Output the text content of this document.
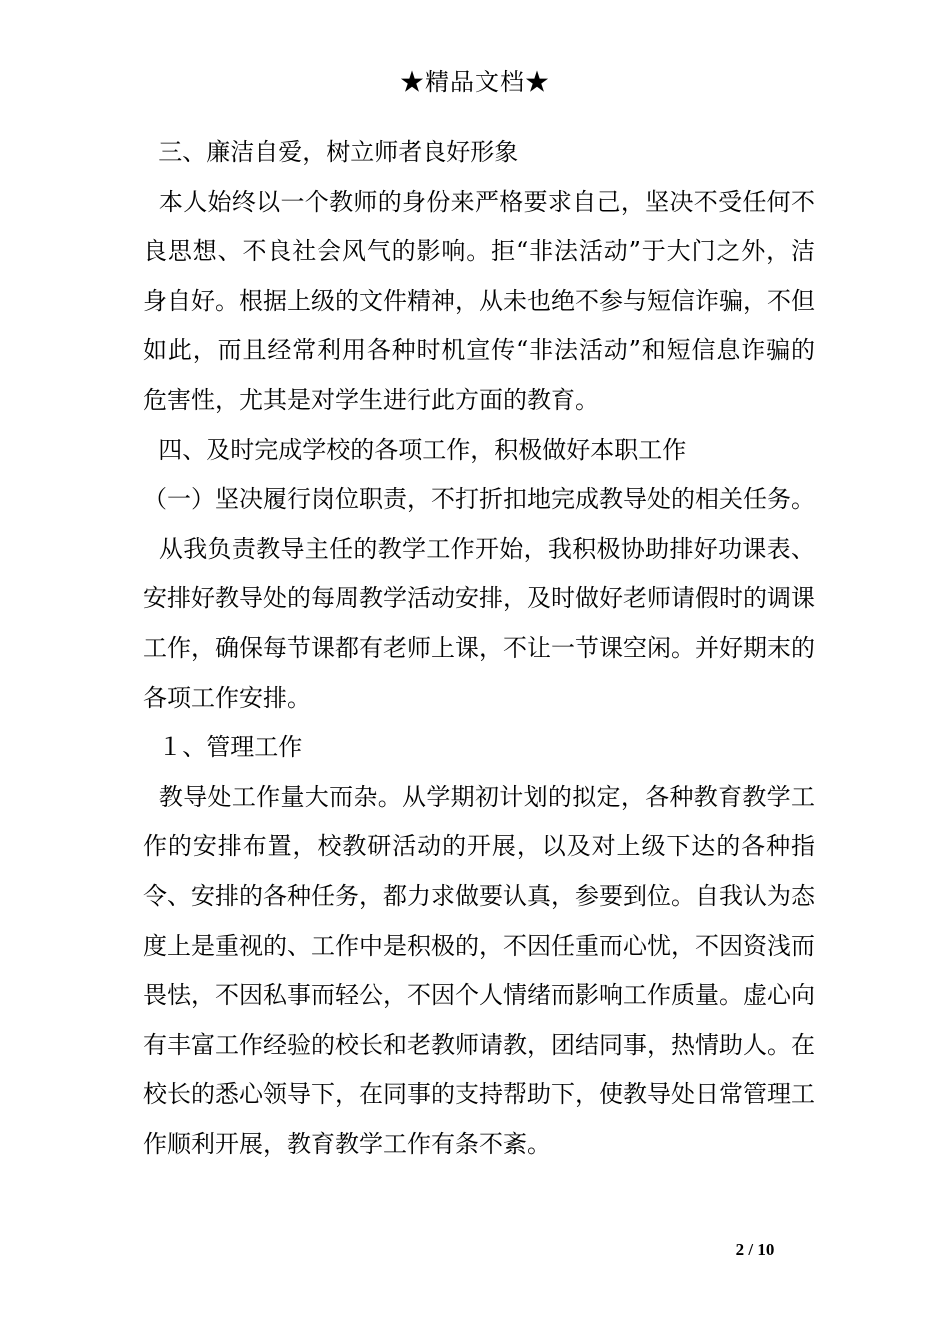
★精品文档★

三、廉洁自爱，树立师者良好形象

本人始终以一个教师的身份来严格要求自己，坚决不受任何不良思想、不良社会风气的影响。拒“非法活动”于大门之外，洁身自好。根据上级的文件精神，从未也绝不参与短信诈骗，不但如此，而且经常利用各种时机宣传“非法活动”和短信息诈骗的危害性，尤其是对学生进行此方面的教育。

四、及时完成学校的各项工作，积极做好本职工作

（一）坚决履行岗位职责，不打折扣地完成教导处的相关任务。

从我负责教导主任的教学工作开始，我积极协助排好功课表、安排好教导处的每周教学活动安排，及时做好老师请假时的调课工作，确保每节课都有老师上课，不让一节课空闲。并好期末的各项工作安排。

１、管理工作

教导处工作量大而杂。从学期初计划的拟定，各种教育教学工作的安排布置，校教研活动的开展，以及对上级下达的各种指令、安排的各种任务，都力求做要认真，参要到位。自我认为态度上是重视的、工作中是积极的，不因任重而心忧，不因资浅而畏怯，不因私事而轻公，不因个人情绪而影响工作质量。虚心向有丰富工作经验的校长和老教师请教，团结同事，热情助人。在校长的悉心领导下，在同事的支持帮助下，使教导处日常管理工作顺利开展，教育教学工作有条不紊。

2 / 10
